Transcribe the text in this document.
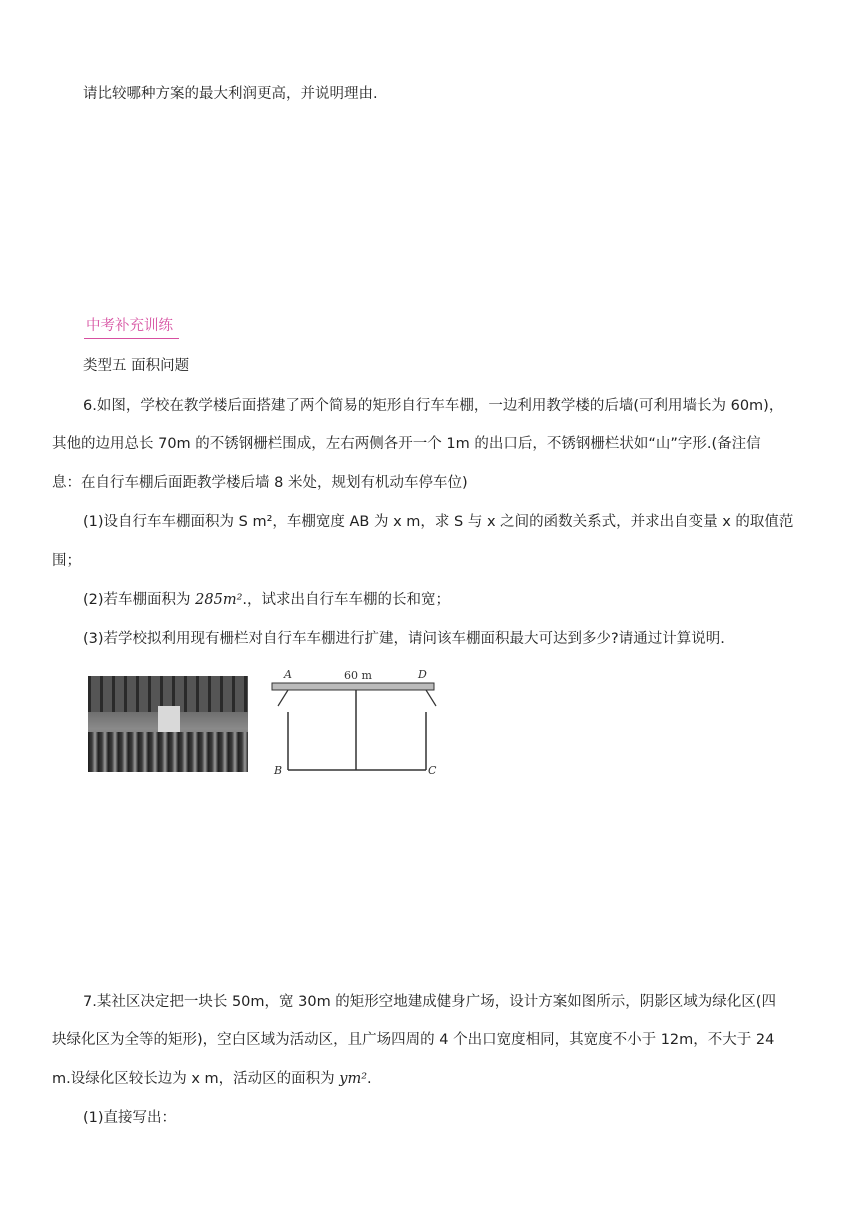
请比较哪种方案的最大利润更高，并说明理由.
中考补充训练
类型五 面积问题
6.如图，学校在教学楼后面搭建了两个简易的矩形自行车车棚，一边利用教学楼的后墙(可利用墙长为 60m)，
其他的边用总长 70m 的不锈钢栅栏围成，左右两侧各开一个 1m 的出口后，不锈钢栅栏状如“山”字形.(备注信
息：在自行车棚后面距教学楼后墙 8 米处，规划有机动车停车位)
(1)设自行车车棚面积为 S m²，车棚宽度 AB 为 x m，求 S 与 x 之间的函数关系式，并求出自变量 x 的取值范
围；
(2)若车棚面积为 285m².，试求出自行车车棚的长和宽；
(3)若学校拟利用现有栅栏对自行车车棚进行扩建，请问该车棚面积最大可达到多少?请通过计算说明.
A	D
60 m
B	C
7.某社区决定把一块长 50m，宽 30m 的矩形空地建成健身广场，设计方案如图所示，阴影区域为绿化区(四
块绿化区为全等的矩形)，空白区域为活动区，且广场四周的 4 个出口宽度相同，其宽度不小于 12m，不大于 24
m.设绿化区较长边为 x m，活动区的面积为 ym².
(1)直接写出：
